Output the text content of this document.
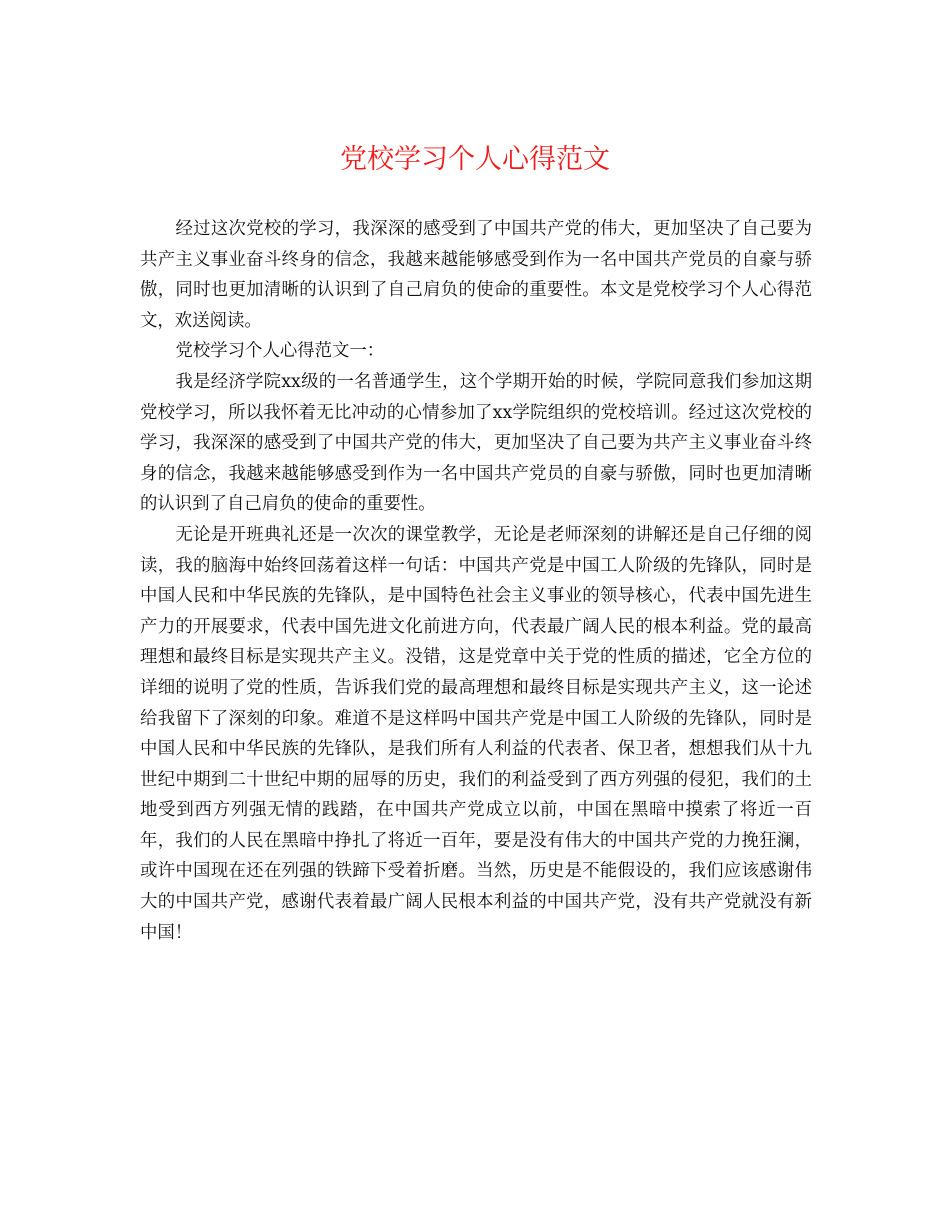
党校学习个人心得范文

经过这次党校的学习，我深深的感受到了中国共产党的伟大，更加坚决了自己要为共产主义事业奋斗终身的信念，我越来越能够感受到作为一名中国共产党员的自豪与骄傲，同时也更加清晰的认识到了自己肩负的使命的重要性。本文是党校学习个人心得范文，欢送阅读。

党校学习个人心得范文一：

我是经济学院xx级的一名普通学生，这个学期开始的时候，学院同意我们参加这期党校学习，所以我怀着无比冲动的心情参加了xx学院组织的党校培训。经过这次党校的学习，我深深的感受到了中国共产党的伟大，更加坚决了自己要为共产主义事业奋斗终身的信念，我越来越能够感受到作为一名中国共产党员的自豪与骄傲，同时也更加清晰的认识到了自己肩负的使命的重要性。

无论是开班典礼还是一次次的课堂教学，无论是老师深刻的讲解还是自己仔细的阅读，我的脑海中始终回荡着这样一句话：中国共产党是中国工人阶级的先锋队，同时是中国人民和中华民族的先锋队，是中国特色社会主义事业的领导核心，代表中国先进生产力的开展要求，代表中国先进文化前进方向，代表最广阔人民的根本利益。党的最高理想和最终目标是实现共产主义。没错，这是党章中关于党的性质的描述，它全方位的详细的说明了党的性质，告诉我们党的最高理想和最终目标是实现共产主义，这一论述给我留下了深刻的印象。难道不是这样吗中国共产党是中国工人阶级的先锋队，同时是中国人民和中华民族的先锋队，是我们所有人利益的代表者、保卫者，想想我们从十九世纪中期到二十世纪中期的屈辱的历史，我们的利益受到了西方列强的侵犯，我们的土地受到西方列强无情的践踏，在中国共产党成立以前，中国在黑暗中摸索了将近一百年，我们的人民在黑暗中挣扎了将近一百年，要是没有伟大的中国共产党的力挽狂澜，或许中国现在还在列强的铁蹄下受着折磨。当然，历史是不能假设的，我们应该感谢伟大的中国共产党，感谢代表着最广阔人民根本利益的中国共产党，没有共产党就没有新中国！
